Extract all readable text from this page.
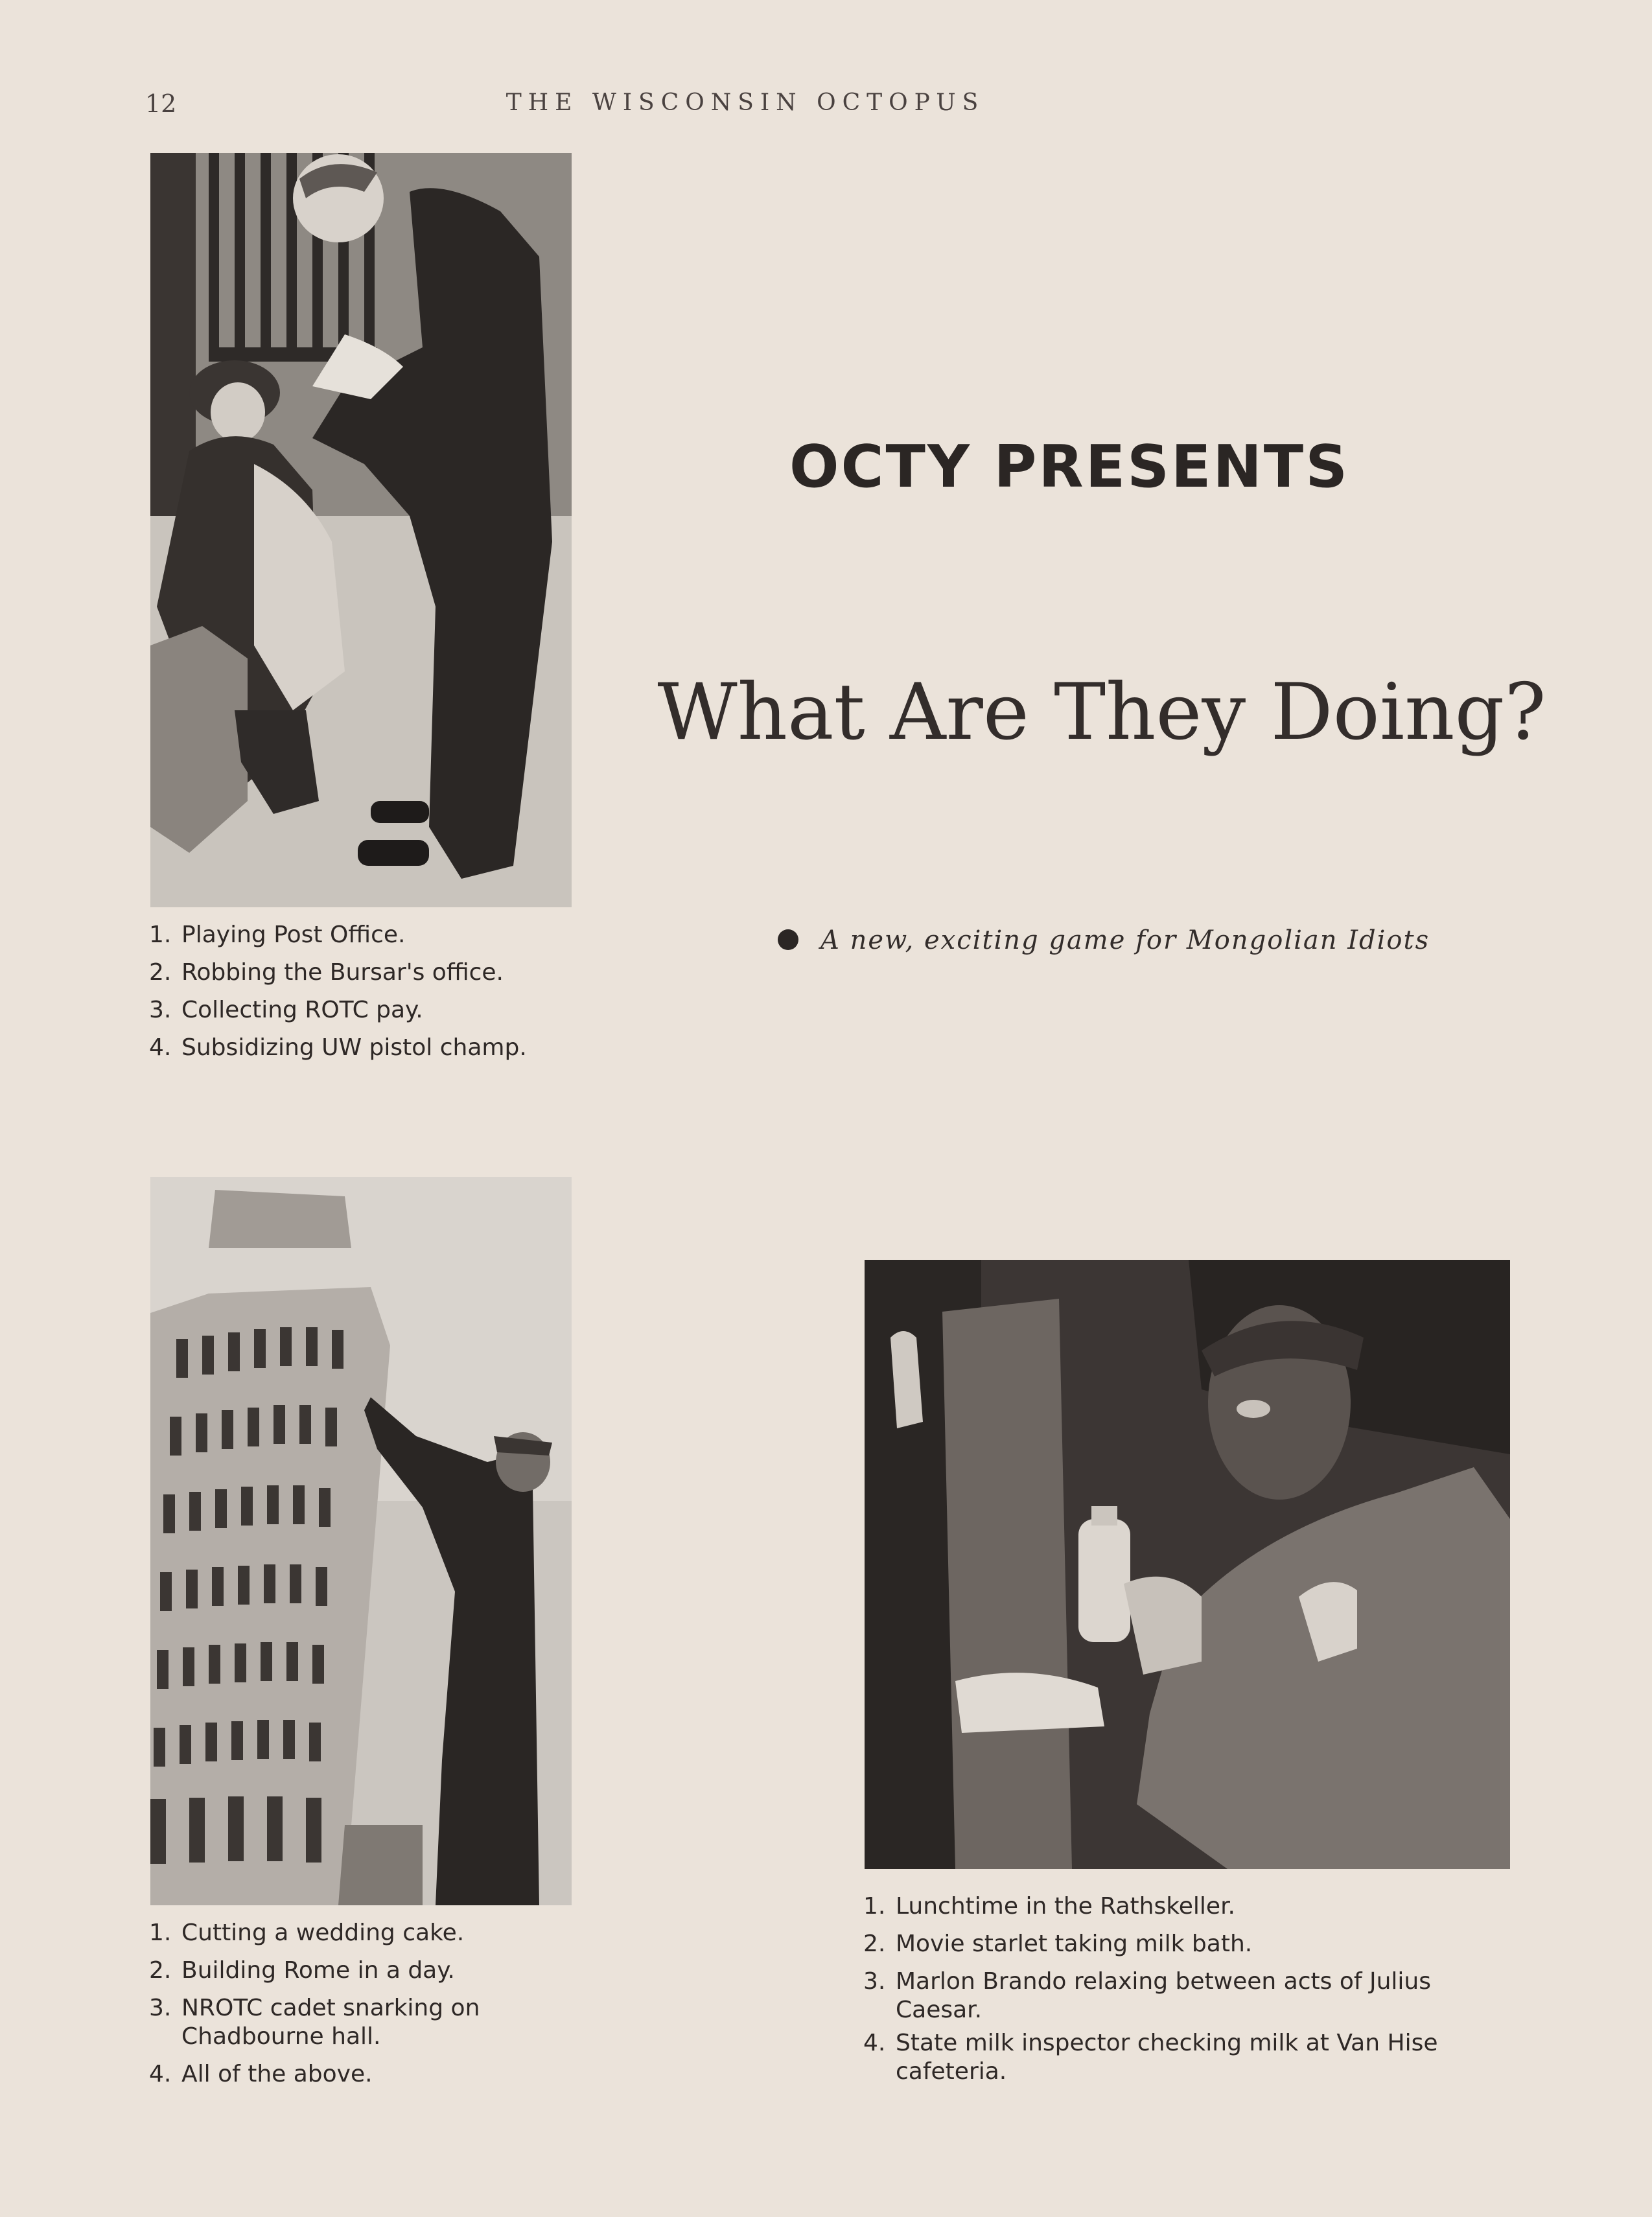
12	THE WISCONSIN OCTOPUS
1. Playing Post Office.
2. Robbing the Bursar's office.
3. Collecting ROTC pay.
4. Subsidizing UW pistol champ.
OCTY PRESENTS
What Are They Doing?
A new, exciting game for Mongolian Idiots
1. Cutting a wedding cake.
2. Building Rome in a day.
3. NROTC cadet snarking on Chadbourne hall.
4. All of the above.
1. Lunchtime in the Rathskeller.
2. Movie starlet taking milk bath.
3. Marlon Brando relaxing between acts of Julius Caesar.
4. State milk inspector checking milk at Van Hise cafeteria.
